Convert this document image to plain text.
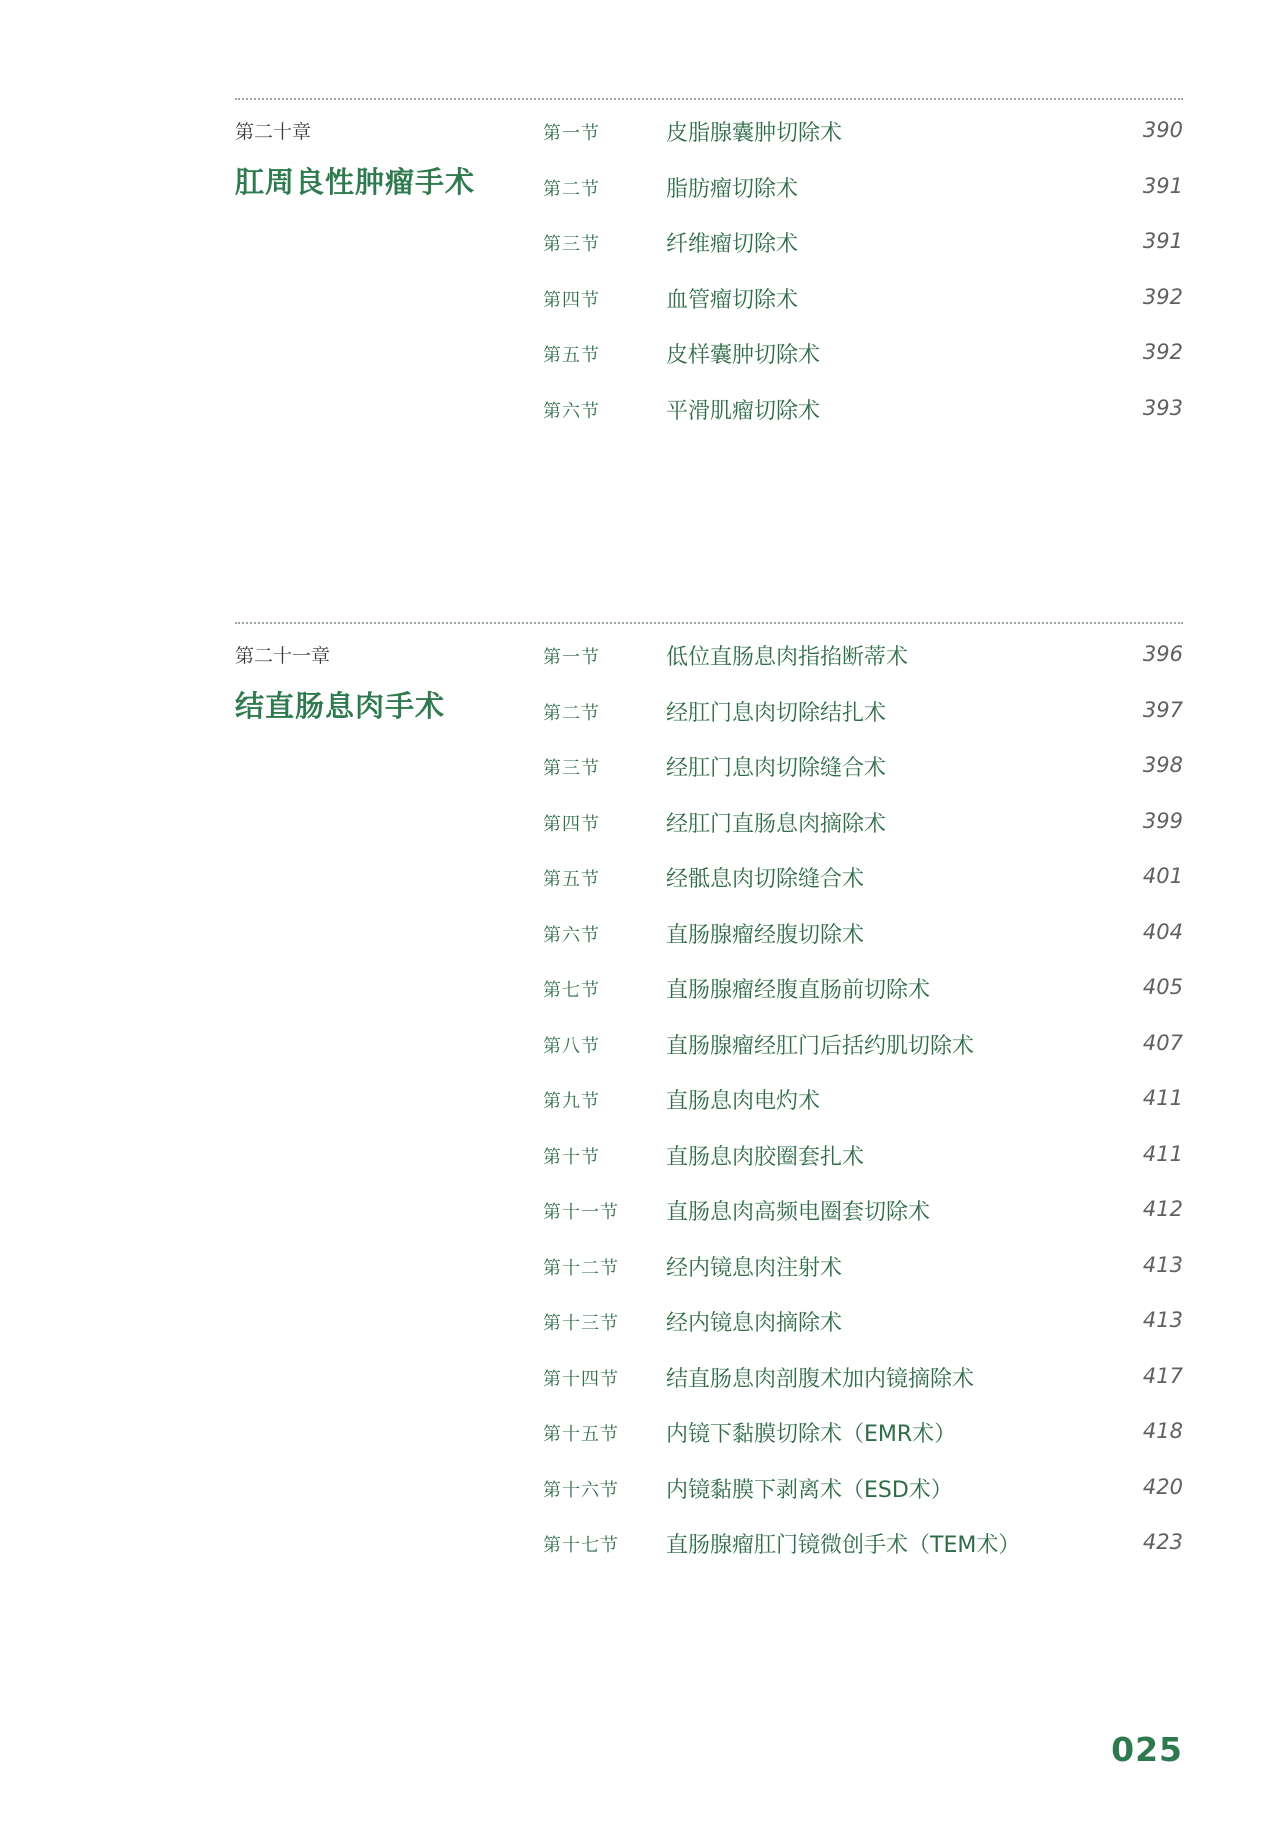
第二十章
肛周良性肿瘤手术
第一节	皮脂腺囊肿切除术	390
第二节	脂肪瘤切除术	391
第三节	纤维瘤切除术	391
第四节	血管瘤切除术	392
第五节	皮样囊肿切除术	392
第六节	平滑肌瘤切除术	393
第二十一章
结直肠息肉手术
第一节	低位直肠息肉指掐断蒂术	396
第二节	经肛门息肉切除结扎术	397
第三节	经肛门息肉切除缝合术	398
第四节	经肛门直肠息肉摘除术	399
第五节	经骶息肉切除缝合术	401
第六节	直肠腺瘤经腹切除术	404
第七节	直肠腺瘤经腹直肠前切除术	405
第八节	直肠腺瘤经肛门后括约肌切除术	407
第九节	直肠息肉电灼术	411
第十节	直肠息肉胶圈套扎术	411
第十一节 直肠息肉高频电圈套切除术	412
第十二节 经内镜息肉注射术	413
第十三节 经内镜息肉摘除术	413
第十四节 结直肠息肉剖腹术加内镜摘除术	417
第十五节 内镜下黏膜切除术（EMR术）	418
第十六节 内镜黏膜下剥离术（ESD术）	420
第十七节 直肠腺瘤肛门镜微创手术（TEM术）	423
025
